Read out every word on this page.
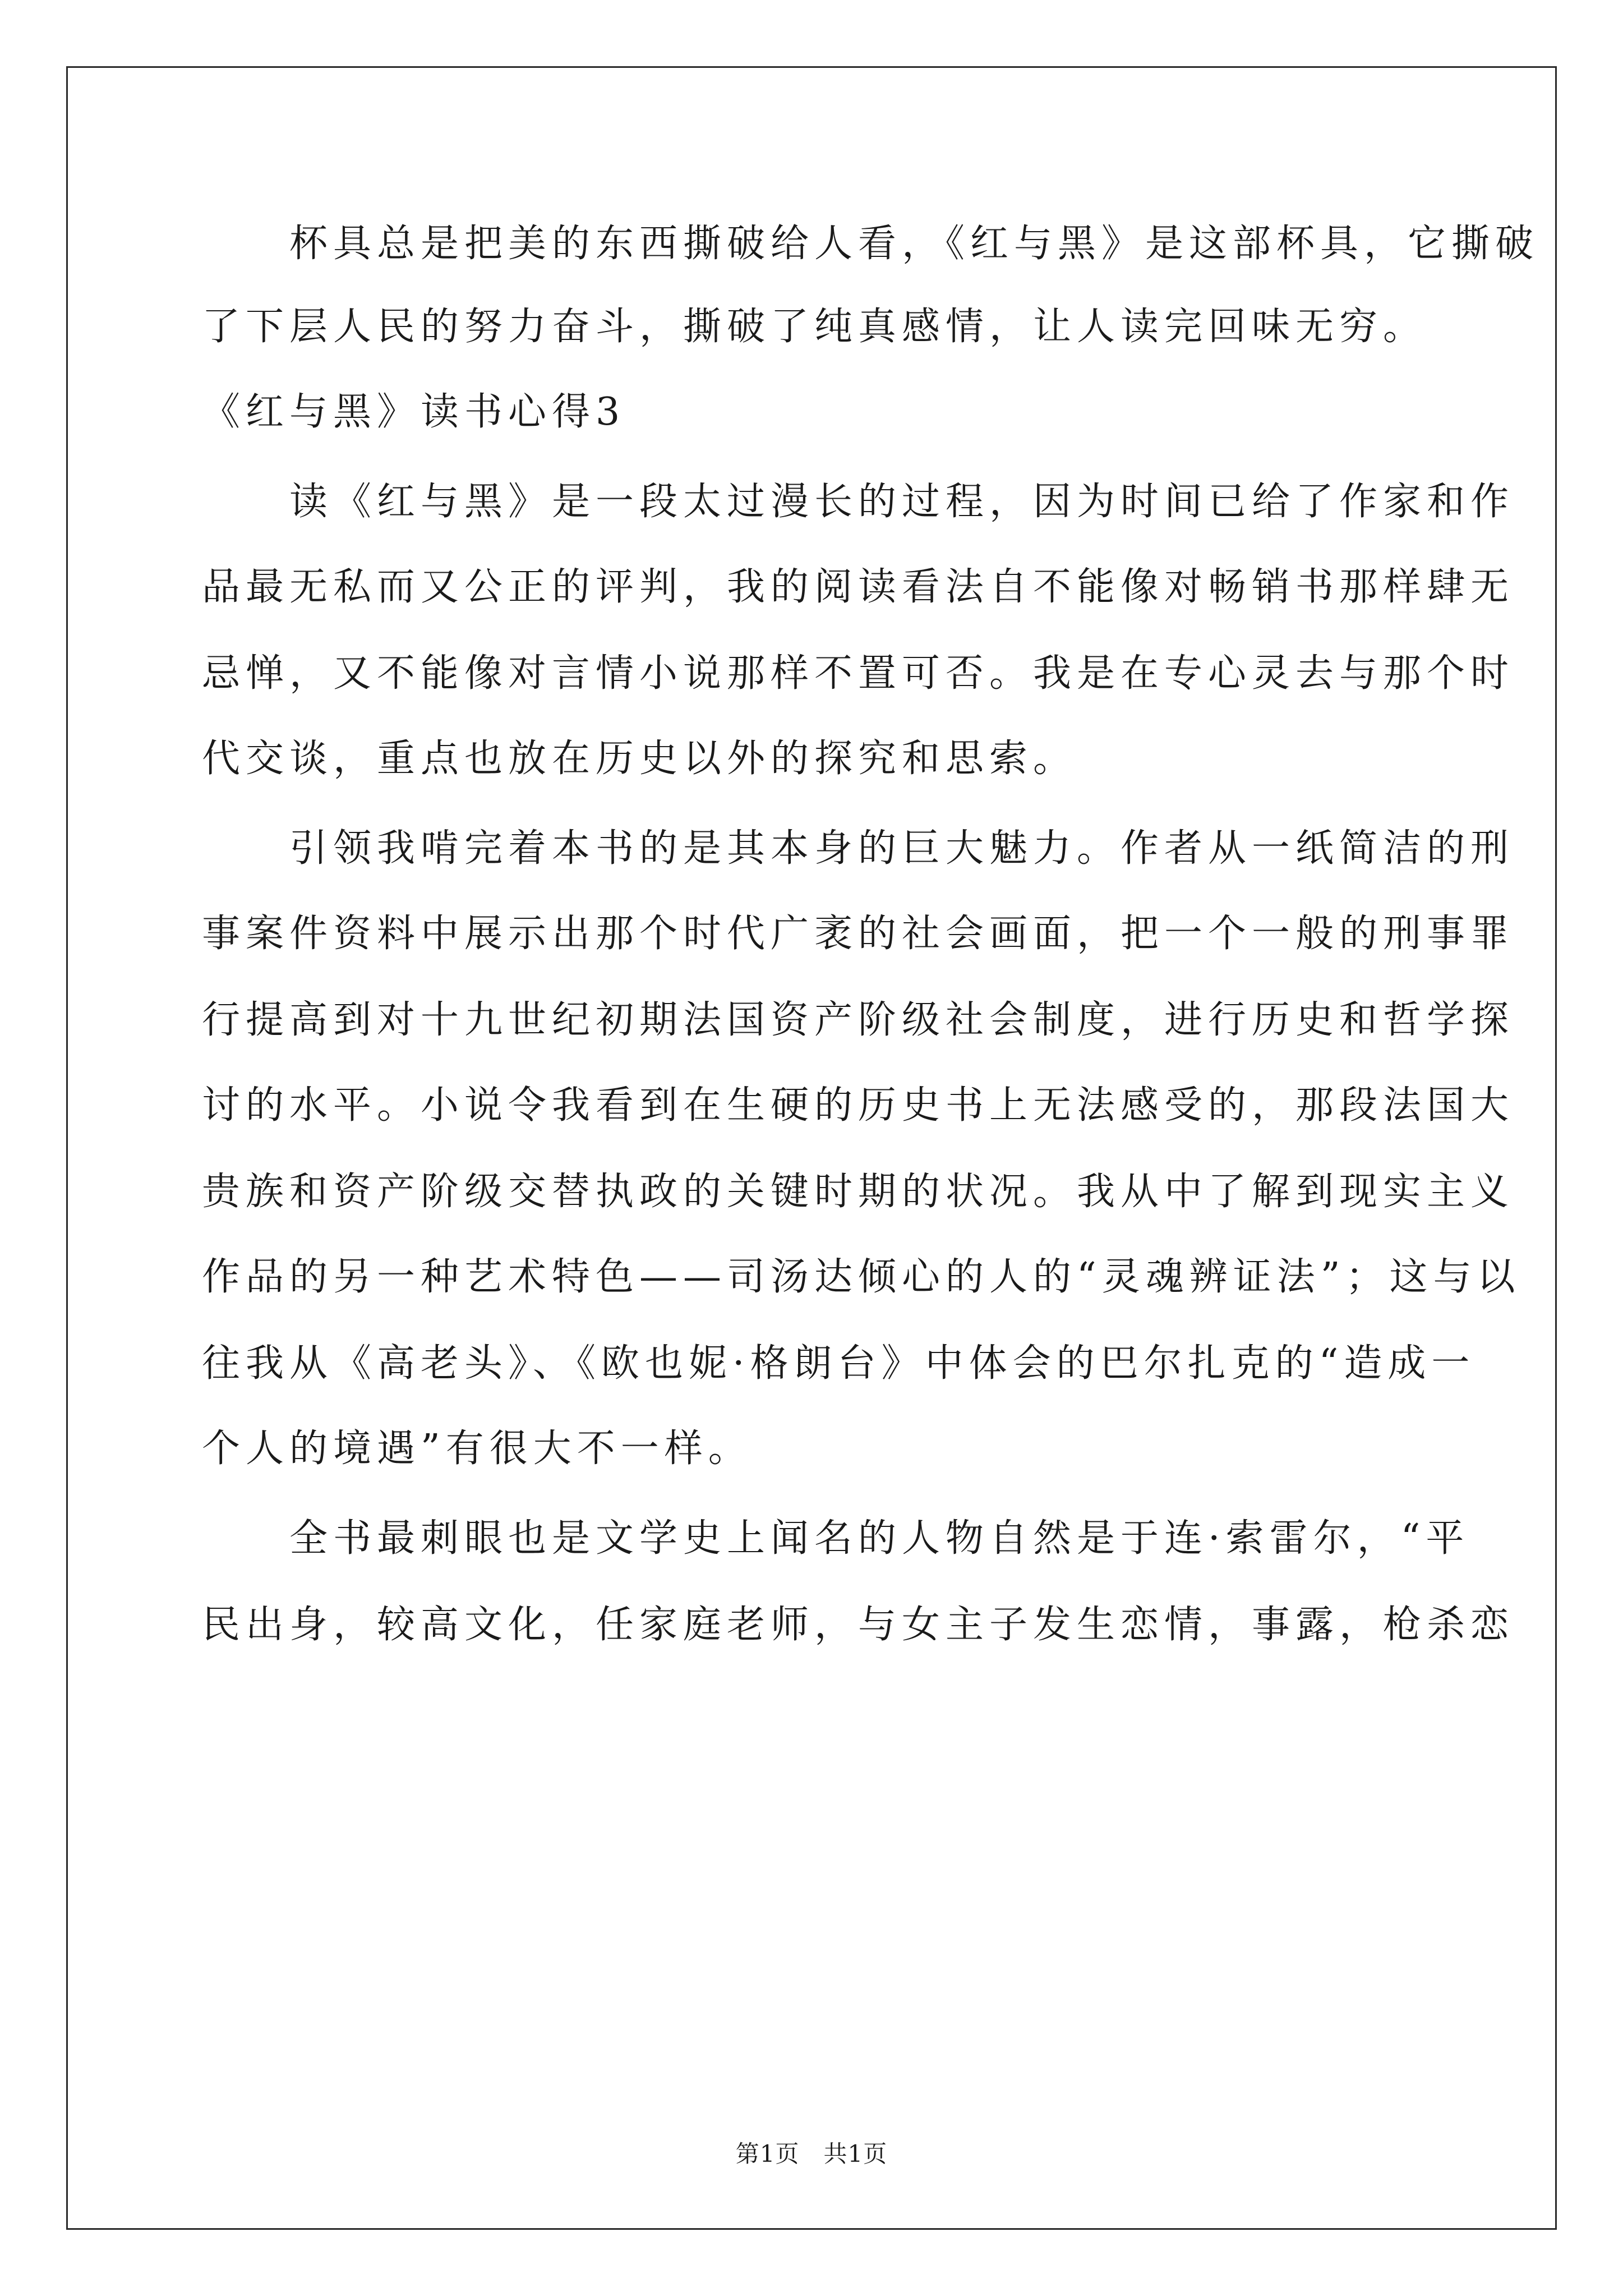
　　杯具总是把美的东西撕破给人看，《红与黑》是这部杯具，它撕破
了下层人民的努力奋斗，撕破了纯真感情，让人读完回味无穷。
《红与黑》读书心得3
　　读《红与黑》是一段太过漫长的过程，因为时间已给了作家和作
品最无私而又公正的评判，我的阅读看法自不能像对畅销书那样肆无
忌惮，又不能像对言情小说那样不置可否。我是在专心灵去与那个时
代交谈，重点也放在历史以外的探究和思索。
　　引领我啃完着本书的是其本身的巨大魅力。作者从一纸简洁的刑
事案件资料中展示出那个时代广袤的社会画面，把一个一般的刑事罪
行提高到对十九世纪初期法国资产阶级社会制度，进行历史和哲学探
讨的水平。小说令我看到在生硬的历史书上无法感受的，那段法国大
贵族和资产阶级交替执政的关键时期的状况。我从中了解到现实主义
作品的另一种艺术特色——司汤达倾心的人的“灵魂辨证法”；这与以
往我从《高老头》、《欧也妮·格朗台》中体会的巴尔扎克的“造成一
个人的境遇”有很大不一样。
　　全书最刺眼也是文学史上闻名的人物自然是于连·索雷尔，“平
民出身，较高文化，任家庭老师，与女主子发生恋情，事露，枪杀恋
第1页　共1页
